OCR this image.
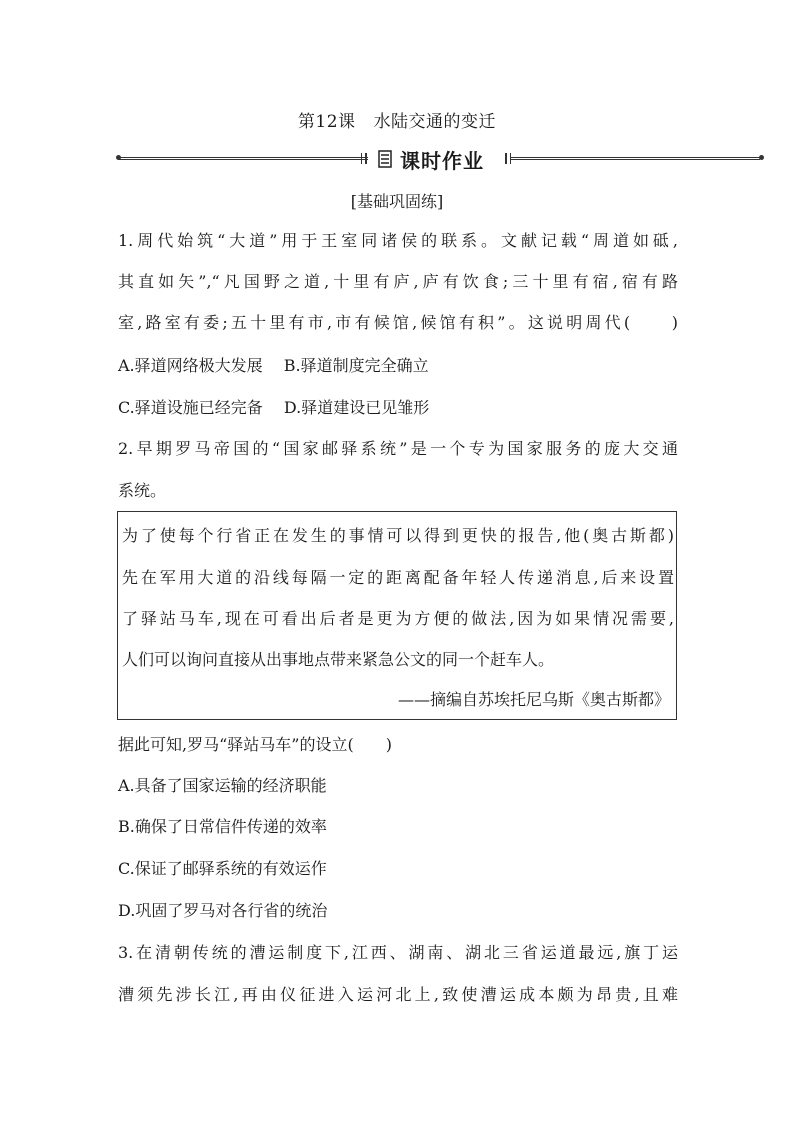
第12课 水陆交通的变迁
课时作业
[基础巩固练]
1.周代始筑“大道”用于王室同诸侯的联系。文献记载“周道如砥,
其直如矢”,“凡国野之道,十里有庐,庐有饮食;三十里有宿,宿有路
室,路室有委;五十里有市,市有候馆,候馆有积”。这说明周代(　　)
A.驿道网络极大发展　 B.驿道制度完全确立
C.驿道设施已经完备　 D.驿道建设已见雏形
2.早期罗马帝国的“国家邮驿系统”是一个专为国家服务的庞大交通
系统。
为了使每个行省正在发生的事情可以得到更快的报告,他(奥古斯都)
先在军用大道的沿线每隔一定的距离配备年轻人传递消息,后来设置
了驿站马车,现在可看出后者是更为方便的做法,因为如果情况需要,
人们可以询问直接从出事地点带来紧急公文的同一个赶车人。
——摘编自苏埃托尼乌斯《奥古斯都》
据此可知,罗马“驿站马车”的设立(　　)
A.具备了国家运输的经济职能
B.确保了日常信件传递的效率
C.保证了邮驿系统的有效运作
D.巩固了罗马对各行省的统治
3.在清朝传统的漕运制度下,江西、湖南、湖北三省运道最远,旗丁运
漕须先涉长江,再由仪征进入运河北上,致使漕运成本颇为昂贵,且难
